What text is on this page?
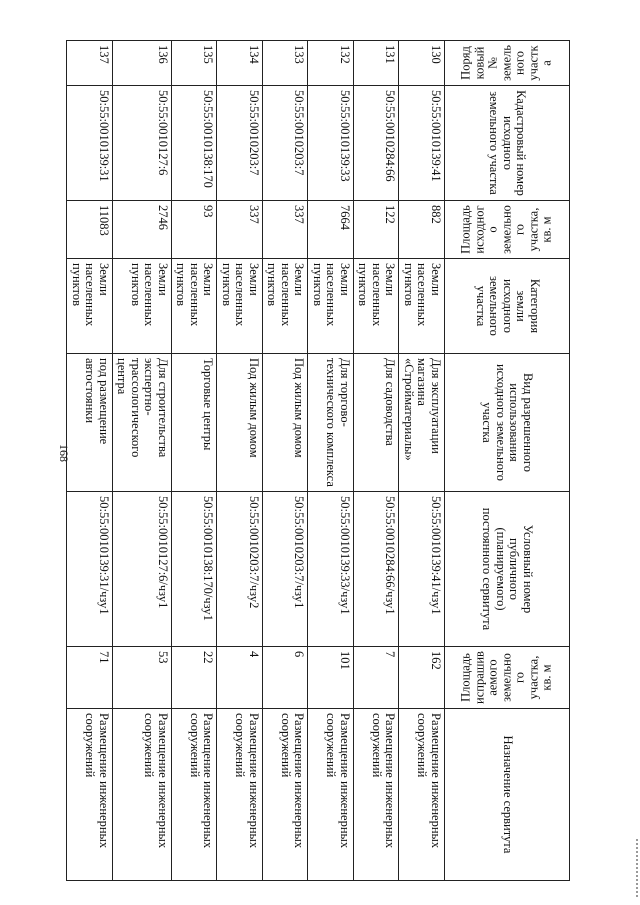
168
Порядковый № земельного участка	Кадастровый номер исходного земельного участка	Площадь исходного земельного участка, кв. м	Категория земли исходного земельного участка	Вид разрешенного использования исходного земельного участка	Условный номер публичного (планируемого) постоянного сервитута	Площадь испрашиваемого земельного участка, кв. м	Назначение сервитута
130	50:55:0010139:41	882	Земли населенных пунктов	Для эксплуатации магазина «Стройматериалы»	50:55:0010139:41/чзу1	162	Размещение инженерных сооружений
131	50:55:0010284:66	122	Земли населенных пунктов	Для садоводства	50:55:0010284:66/чзу1	7	Размещение инженерных сооружений
132	50:55:0010139:33	7664	Земли населенных пунктов	Для торгово-технического комплекса	50:55:0010139:33/чзу1	101	Размещение инженерных сооружений
133	50:55:0010203:7	337	Земли населенных пунктов	Под жилым домом	50:55:0010203:7/чзу1	6	Размещение инженерных сооружений
134	50:55:0010203:7	337	Земли населенных пунктов	Под жилым домом	50:55:0010203:7/чзу2	4	Размещение инженерных сооружений
135	50:55:0010138:170	93	Земли населенных пунктов	Торговые центры	50:55:0010138:170/чзу1	22	Размещение инженерных сооружений
136	50:55:0010127:6	2746	Земли населенных пунктов	Для строительства экспертно-трассологического центра	50:55:0010127:6/чзу1	53	Размещение инженерных сооружений
137	50:55:0010139:31	11083	Земли населенных пунктов	под размещение автостоянки	50:55:0010139:31/чзу1	71	Размещение инженерных сооружений
